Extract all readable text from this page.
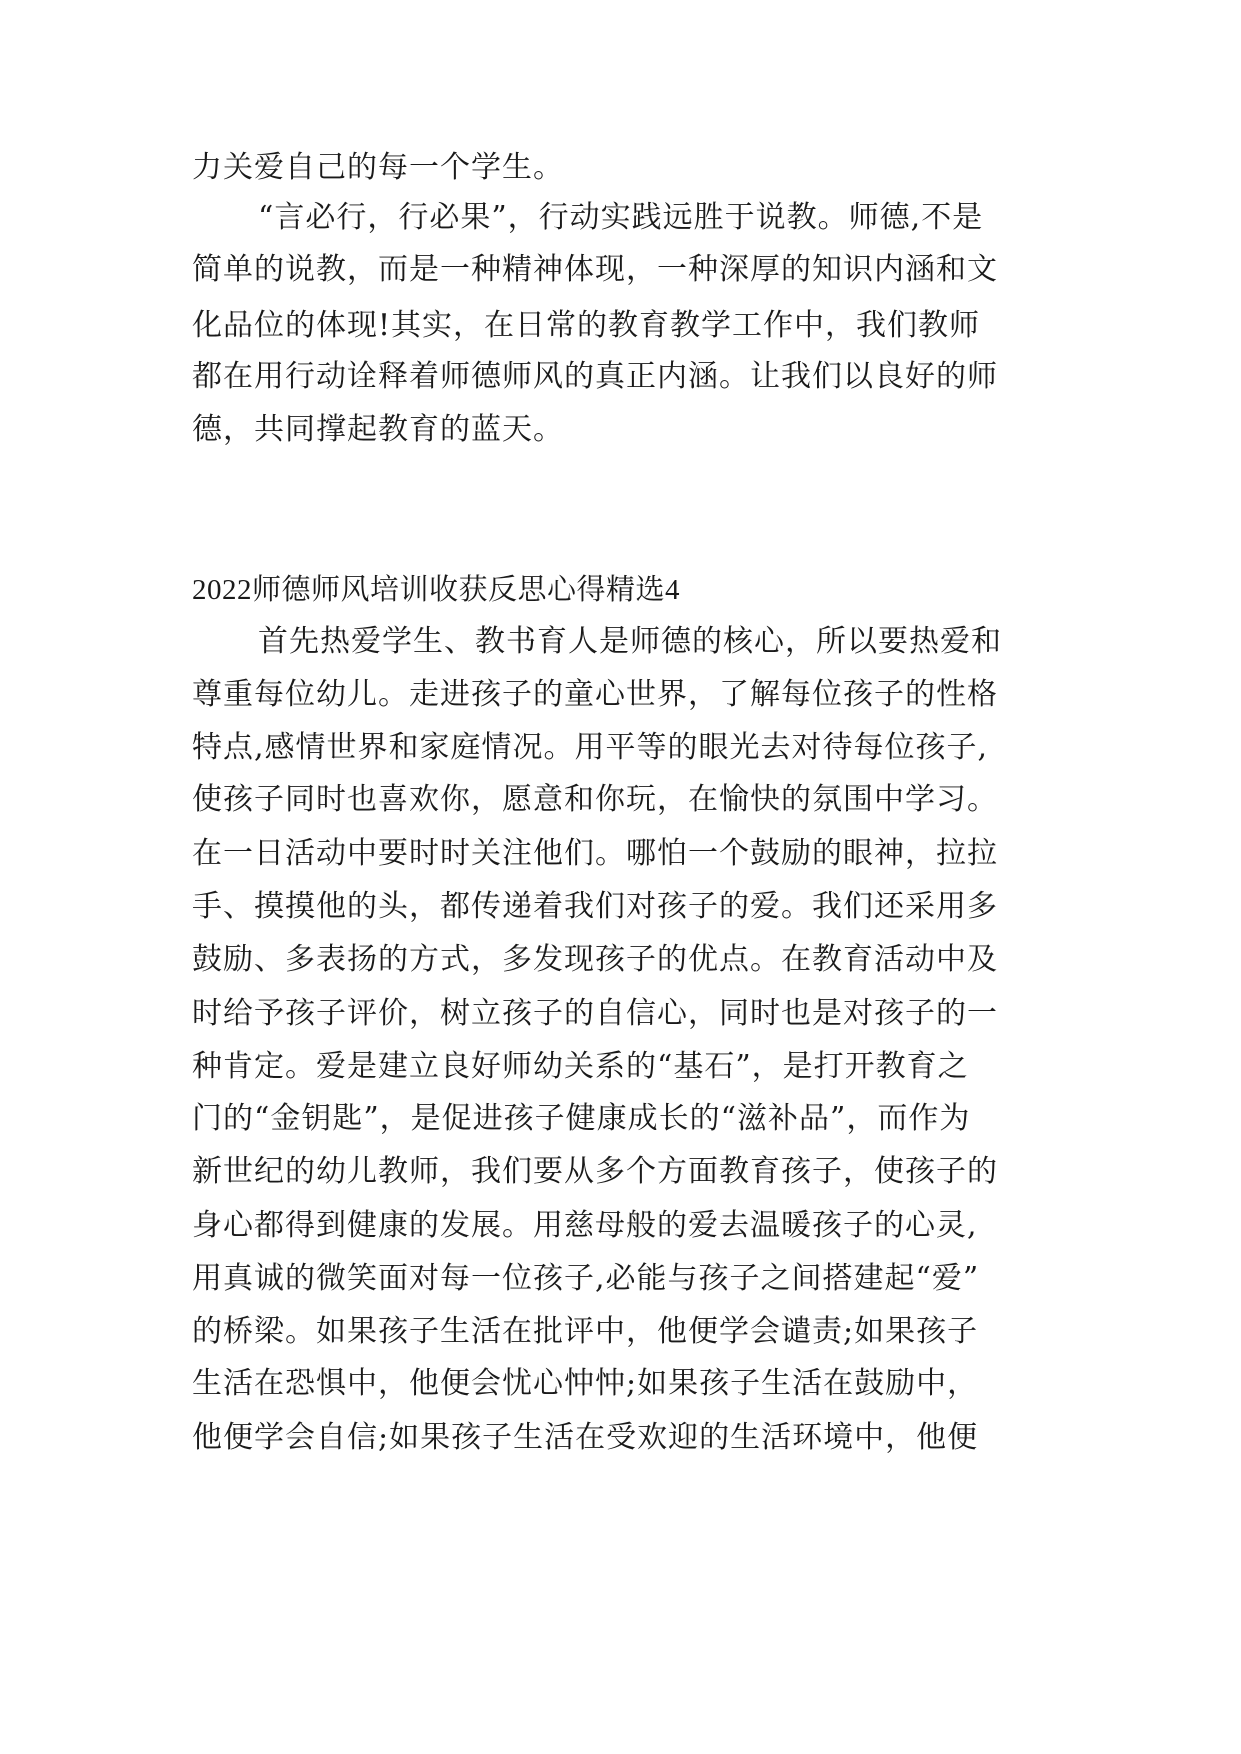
力关爱自己的每一个学生。
“言必行，行必果”，行动实践远胜于说教。师德,不是
简单的说教，而是一种精神体现，一种深厚的知识内涵和文
化品位的体现!其实，在日常的教育教学工作中，我们教师
都在用行动诠释着师德师风的真正内涵。让我们以良好的师
德，共同撑起教育的蓝天。
2022师德师风培训收获反思心得精选4
首先热爱学生、教书育人是师德的核心，所以要热爱和
尊重每位幼儿。走进孩子的童心世界，了解每位孩子的性格
特点,感情世界和家庭情况。用平等的眼光去对待每位孩子,
使孩子同时也喜欢你，愿意和你玩，在愉快的氛围中学习。
在一日活动中要时时关注他们。哪怕一个鼓励的眼神，拉拉
手、摸摸他的头，都传递着我们对孩子的爱。我们还采用多
鼓励、多表扬的方式，多发现孩子的优点。在教育活动中及
时给予孩子评价，树立孩子的自信心，同时也是对孩子的一
种肯定。爱是建立良好师幼关系的“基石”，是打开教育之
门的“金钥匙”，是促进孩子健康成长的“滋补品”，而作为
新世纪的幼儿教师，我们要从多个方面教育孩子，使孩子的
身心都得到健康的发展。用慈母般的爱去温暖孩子的心灵,
用真诚的微笑面对每一位孩子,必能与孩子之间搭建起“爱”
的桥梁。如果孩子生活在批评中，他便学会谴责;如果孩子
生活在恐惧中，他便会忧心忡忡;如果孩子生活在鼓励中，
他便学会自信;如果孩子生活在受欢迎的生活环境中，他便
